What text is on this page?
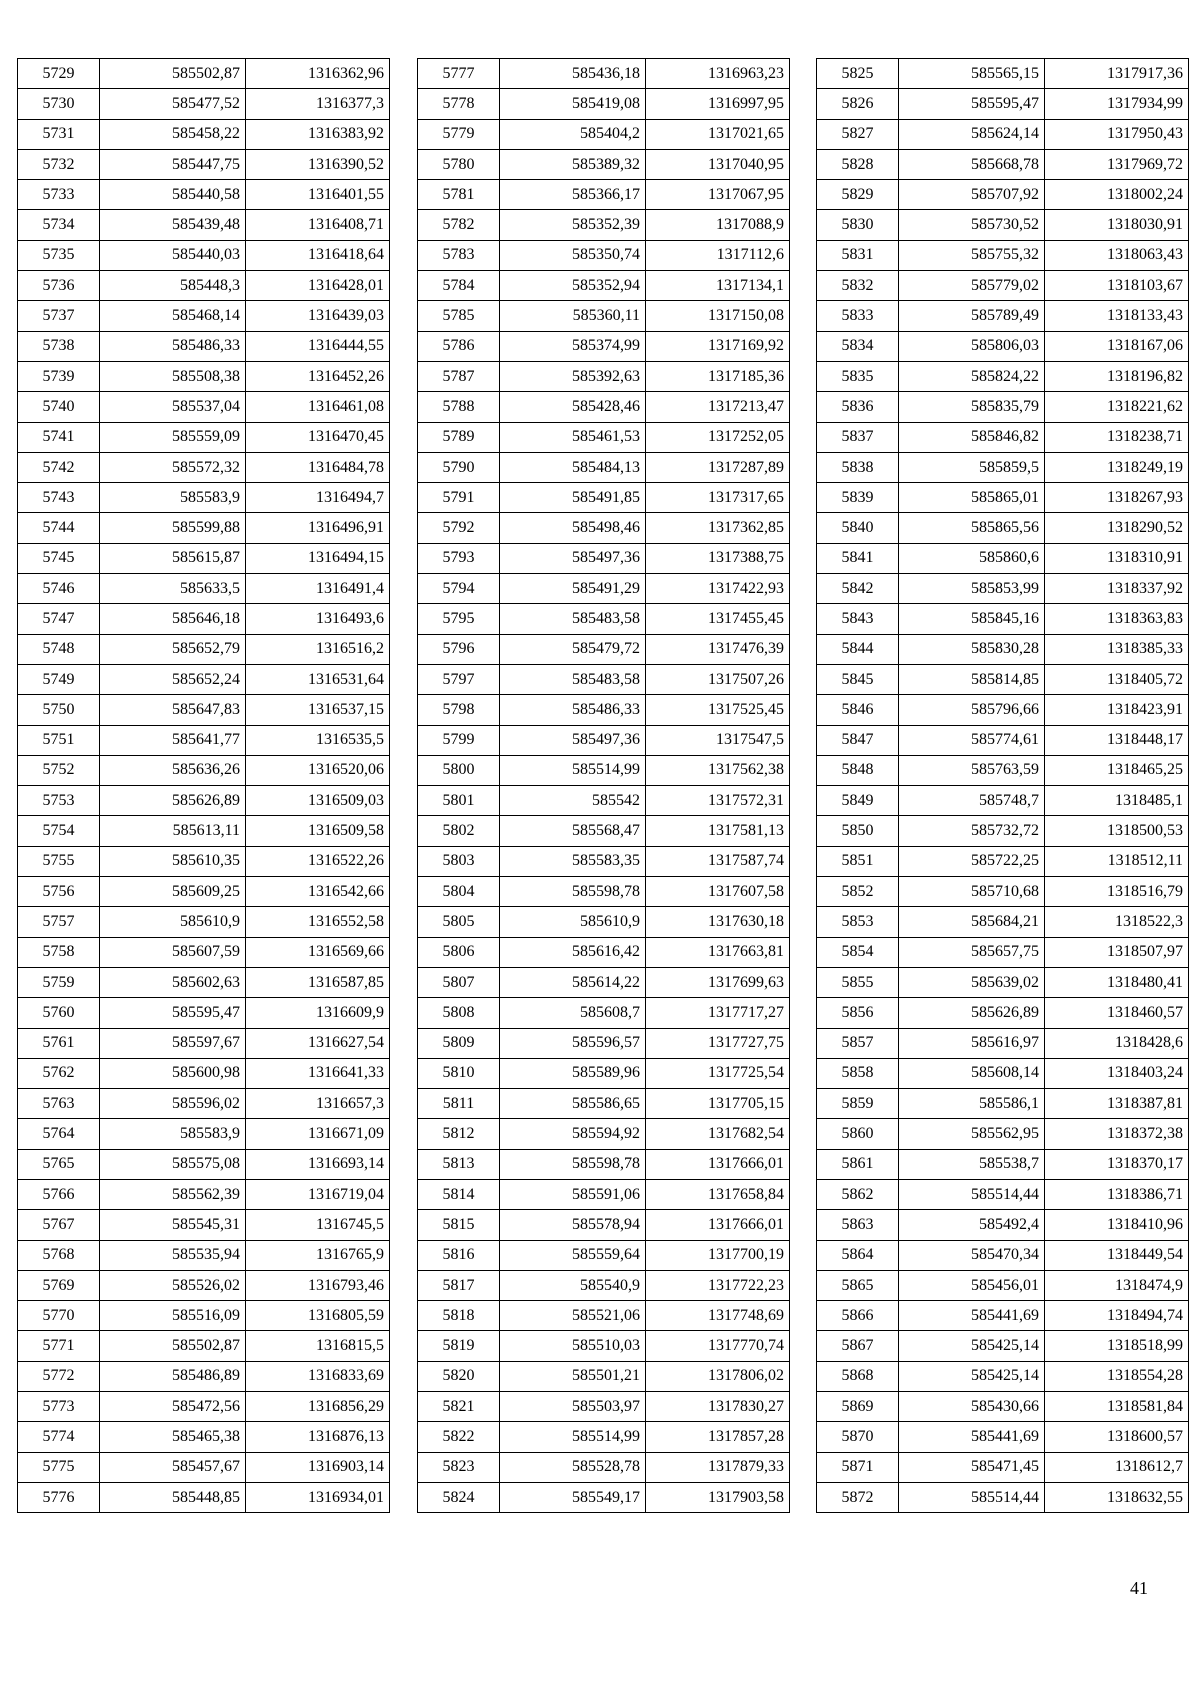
5729	585502,87	1316362,96
5730	585477,52	1316377,3
5731	585458,22	1316383,92
5732	585447,75	1316390,52
5733	585440,58	1316401,55
5734	585439,48	1316408,71
5735	585440,03	1316418,64
5736	585448,3	1316428,01
5737	585468,14	1316439,03
5738	585486,33	1316444,55
5739	585508,38	1316452,26
5740	585537,04	1316461,08
5741	585559,09	1316470,45
5742	585572,32	1316484,78
5743	585583,9	1316494,7
5744	585599,88	1316496,91
5745	585615,87	1316494,15
5746	585633,5	1316491,4
5747	585646,18	1316493,6
5748	585652,79	1316516,2
5749	585652,24	1316531,64
5750	585647,83	1316537,15
5751	585641,77	1316535,5
5752	585636,26	1316520,06
5753	585626,89	1316509,03
5754	585613,11	1316509,58
5755	585610,35	1316522,26
5756	585609,25	1316542,66
5757	585610,9	1316552,58
5758	585607,59	1316569,66
5759	585602,63	1316587,85
5760	585595,47	1316609,9
5761	585597,67	1316627,54
5762	585600,98	1316641,33
5763	585596,02	1316657,3
5764	585583,9	1316671,09
5765	585575,08	1316693,14
5766	585562,39	1316719,04
5767	585545,31	1316745,5
5768	585535,94	1316765,9
5769	585526,02	1316793,46
5770	585516,09	1316805,59
5771	585502,87	1316815,5
5772	585486,89	1316833,69
5773	585472,56	1316856,29
5774	585465,38	1316876,13
5775	585457,67	1316903,14
5776	585448,85	1316934,01
5777	585436,18	1316963,23
5778	585419,08	1316997,95
5779	585404,2	1317021,65
5780	585389,32	1317040,95
5781	585366,17	1317067,95
5782	585352,39	1317088,9
5783	585350,74	1317112,6
5784	585352,94	1317134,1
5785	585360,11	1317150,08
5786	585374,99	1317169,92
5787	585392,63	1317185,36
5788	585428,46	1317213,47
5789	585461,53	1317252,05
5790	585484,13	1317287,89
5791	585491,85	1317317,65
5792	585498,46	1317362,85
5793	585497,36	1317388,75
5794	585491,29	1317422,93
5795	585483,58	1317455,45
5796	585479,72	1317476,39
5797	585483,58	1317507,26
5798	585486,33	1317525,45
5799	585497,36	1317547,5
5800	585514,99	1317562,38
5801	585542	1317572,31
5802	585568,47	1317581,13
5803	585583,35	1317587,74
5804	585598,78	1317607,58
5805	585610,9	1317630,18
5806	585616,42	1317663,81
5807	585614,22	1317699,63
5808	585608,7	1317717,27
5809	585596,57	1317727,75
5810	585589,96	1317725,54
5811	585586,65	1317705,15
5812	585594,92	1317682,54
5813	585598,78	1317666,01
5814	585591,06	1317658,84
5815	585578,94	1317666,01
5816	585559,64	1317700,19
5817	585540,9	1317722,23
5818	585521,06	1317748,69
5819	585510,03	1317770,74
5820	585501,21	1317806,02
5821	585503,97	1317830,27
5822	585514,99	1317857,28
5823	585528,78	1317879,33
5824	585549,17	1317903,58
5825	585565,15	1317917,36
5826	585595,47	1317934,99
5827	585624,14	1317950,43
5828	585668,78	1317969,72
5829	585707,92	1318002,24
5830	585730,52	1318030,91
5831	585755,32	1318063,43
5832	585779,02	1318103,67
5833	585789,49	1318133,43
5834	585806,03	1318167,06
5835	585824,22	1318196,82
5836	585835,79	1318221,62
5837	585846,82	1318238,71
5838	585859,5	1318249,19
5839	585865,01	1318267,93
5840	585865,56	1318290,52
5841	585860,6	1318310,91
5842	585853,99	1318337,92
5843	585845,16	1318363,83
5844	585830,28	1318385,33
5845	585814,85	1318405,72
5846	585796,66	1318423,91
5847	585774,61	1318448,17
5848	585763,59	1318465,25
5849	585748,7	1318485,1
5850	585732,72	1318500,53
5851	585722,25	1318512,11
5852	585710,68	1318516,79
5853	585684,21	1318522,3
5854	585657,75	1318507,97
5855	585639,02	1318480,41
5856	585626,89	1318460,57
5857	585616,97	1318428,6
5858	585608,14	1318403,24
5859	585586,1	1318387,81
5860	585562,95	1318372,38
5861	585538,7	1318370,17
5862	585514,44	1318386,71
5863	585492,4	1318410,96
5864	585470,34	1318449,54
5865	585456,01	1318474,9
5866	585441,69	1318494,74
5867	585425,14	1318518,99
5868	585425,14	1318554,28
5869	585430,66	1318581,84
5870	585441,69	1318600,57
5871	585471,45	1318612,7
5872	585514,44	1318632,55
41
